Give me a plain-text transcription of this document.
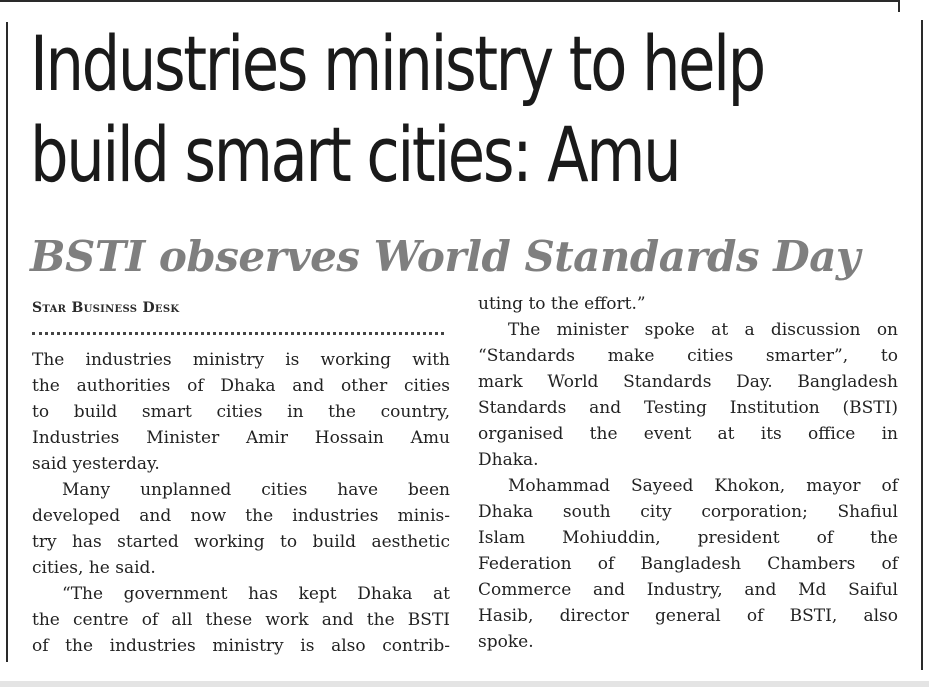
Industries ministry to help
build smart cities: Amu
BSTI observes World Standards Day
Star Business Desk

The industries ministry is working with
the authorities of Dhaka and other cities
to build smart cities in the country,
Industries Minister Amir Hossain Amu
said yesterday.

Many unplanned cities have been
developed and now the industries minis-
try has started working to build aesthetic
cities, he said.

“The government has kept Dhaka at
the centre of all these work and the BSTI
of the industries ministry is also contrib-

uting to the effort.”

The minister spoke at a discussion on
“Standards make cities smarter”, to
mark World Standards Day. Bangladesh
Standards and Testing Institution (BSTI)
organised the event at its office in
Dhaka.

Mohammad Sayeed Khokon, mayor of
Dhaka south city corporation; Shafiul
Islam Mohiuddin, president of the
Federation of Bangladesh Chambers of
Commerce and Industry, and Md Saiful
Hasib, director general of BSTI, also
spoke.
